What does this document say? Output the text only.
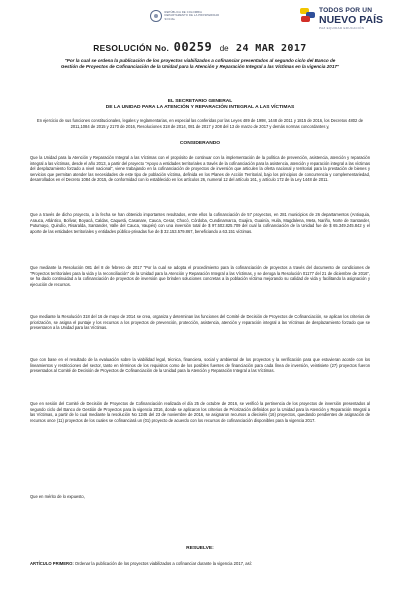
REPÚBLICA DE COLOMBIA
DEPARTAMENTO DE LA PROSPERIDAD SOCIAL
TODOS POR UN
NUEVO PAÍS
PAZ EQUIDAD EDUCACIÓN
RESOLUCIÓN No. 00259 de 24 MAR 2017
"Por la cual se ordena la publicación de los proyectos viabilizados a cofinanciar presentados al segundo ciclo del Banco de Gestión de Proyectos de Cofinanciación de la Unidad para la Atención y Reparación Integral a las Víctimas en la vigencia 2017"
EL SECRETARIO GENERAL
DE LA UNIDAD PARA LA ATENCIÓN Y REPARACIÓN INTEGRAL A LAS VÍCTIMAS
En ejercicio de sus funciones constitucionales, legales y reglamentarias, en especial las conferidas por las Leyes 489 de 1998, 1448 de 2011 y 1815 de 2016, los Decretos 4802 de 2011,1084 de 2015 y 2170 de 2016, Resoluciones 318 de 2014, 081 de 2017 y 208 del 13 de marzo de 2017 y demás normas concordantes y,
CONSIDERANDO
Que la Unidad para la Atención y Reparación Integral a las Víctimas con el propósito de continuar con la implementación de la política de prevención, asistencia, atención y reparación integral a las víctimas, desde el año 2013, a partir del proyecto "Apoyo a entidades territoriales a través de la cofinanciación para la asistencia, atención y reparación integral a las víctimas del desplazamiento forzado a nivel nacional", viene trabajando en la cofinanciación de proyectos de inversión que articulen la oferta nacional y territorial para la prestación de bienes y servicios que permitan atender las necesidades de este tipo de población víctima, definida en los Planes de Acción Territorial, bajo los principios de concurrencia y complementariedad, desarrollados en el Decreto 1084 de 2015, de conformidad con lo establecido en los artículos 26, numeral 12 del artículo 161, y artículo 172 de la Ley 1448 de 2011.
Que a través de dicho proyecto, a la fecha se han obtenido importantes resultados, entre ellos la cofinanciación de 57 proyectos, en 281 municipios de 26 departamentos (Antioquia, Arauca, Atlántico, Bolívar, Boyacá, Caldas, Caquetá, Casanare, Cauca, Cesar, Chocó, Córdoba, Cundinamarca, Guajira, Guainía, Huila, Magdalena, Meta, Nariño, Norte de Santander, Putumayo, Quindío, Risaralda, Santander, Valle del Cauca, Vaupés) con una inversión total de $ 97.502.825.709 del cual la cofinanciación de la Unidad fue de $ 65.349.245.842 y el aporte de las entidades territoriales y entidades público-privadas fue de $ 32.153.579.867, beneficiando a 63.151 víctimas.
Que mediante la Resolución 081 del 8 de febrero de 2017 "Por la cual se adopta el procedimiento para la cofinanciación de proyectos a través del documento de condiciones de "Proyectos territoriales para la vida y la reconciliación" de la Unidad para la Atención y Reparación Integral a las Víctimas, y se deroga la Resolución 01177 del 21 de diciembre de 2016", se ha dado continuidad a la cofinanciación de proyectos de inversión que brinden soluciones concretas a la población víctima mejorando su calidad de vida y facilitando la asignación y ejecución de recursos.
Que mediante la Resolución 318 del 16 de mayo de 2014 se crea, organiza y determinan las funciones del Comité de Decisión de Proyectos de Cofinanciación, se aplican los criterios de priorización, se asigna el puntaje y los recursos a los proyectos de prevención, protección, asistencia, atención y reparación integral a las Víctimas de desplazamiento forzado que se presentaron a la Unidad para las Víctimas.
Que con base en el resultado de la evaluación sobre la viabilidad legal, técnica, financiera, social y ambiental de los proyectos y la verificación para que estuvieran acorde con los lineamientos y restricciones del sector, tanto en términos de los requisitos como de los posibles fuentes de financiación para cada línea de inversión, veintisiete (27) proyectos fueron presentados al Comité de Decisión de Proyectos de Cofinanciación de la Unidad para la Atención y Reparación Integral a las Víctimas.
Que en sesión del Comité de Decisión de Proyectos de Cofinanciación realizada el día 25 de octubre de 2016, se verificó la pertinencia de los proyectos de inversión presentados al segundo ciclo del Banco de Gestión de Proyectos para la vigencia 2016, donde se aplicaron los criterios de Priorización definidos por la Unidad para la Atención y Reparación Integral a las Víctimas, a partir de lo cual mediante la resolución No 1245 del 23 de noviembre de 2016, se asignaron recursos a dieciséis (16) proyectos, quedando pendientes de asignación de recursos once (11) proyectos de los cuales se cofinanciará un (01) proyecto de acuerdo con los recursos de cofinanciación disponibles para la vigencia 2017.
Que en mérito de lo expuesto,
RESUELVE:
ARTÍCULO PRIMERO: Ordenar la publicación de los proyectos viabilizados a cofinanciar durante la vigencia 2017, así:
